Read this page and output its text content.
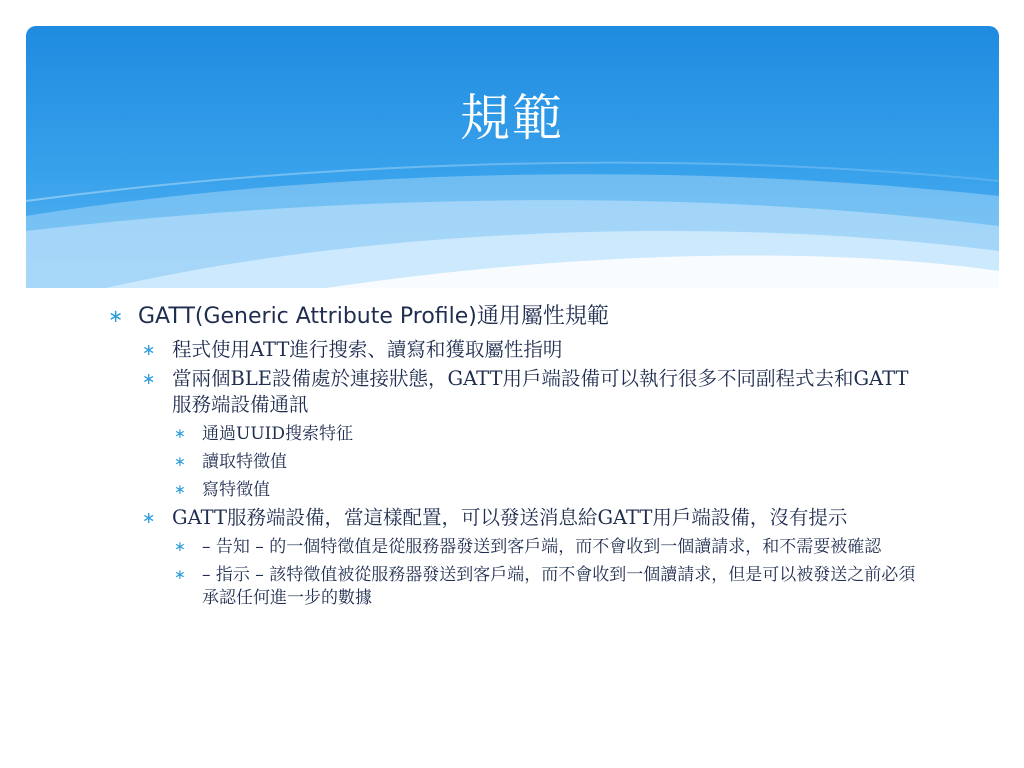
規範

∗ GATT(Generic Attribute Profile)通用屬性規範

∗ 程式使用ATT進行搜索、讀寫和獲取屬性指明

∗ 當兩個BLE設備處於連接狀態，GATT用戶端設備可以執行很多不同副程式去和GATT服務端設備通訊

∗ 通過UUID搜索特征

∗ 讀取特徵值

∗ 寫特徵值

∗ GATT服務端設備，當這樣配置，可以發送消息給GATT用戶端設備，沒有提示

∗ – 告知 – 的一個特徵值是從服務器發送到客戶端，而不會收到一個讀請求，和不需要被確認

∗ – 指示 – 該特徵值被從服務器發送到客戶端，而不會收到一個讀請求，但是可以被發送之前必須承認任何進一步的數據
